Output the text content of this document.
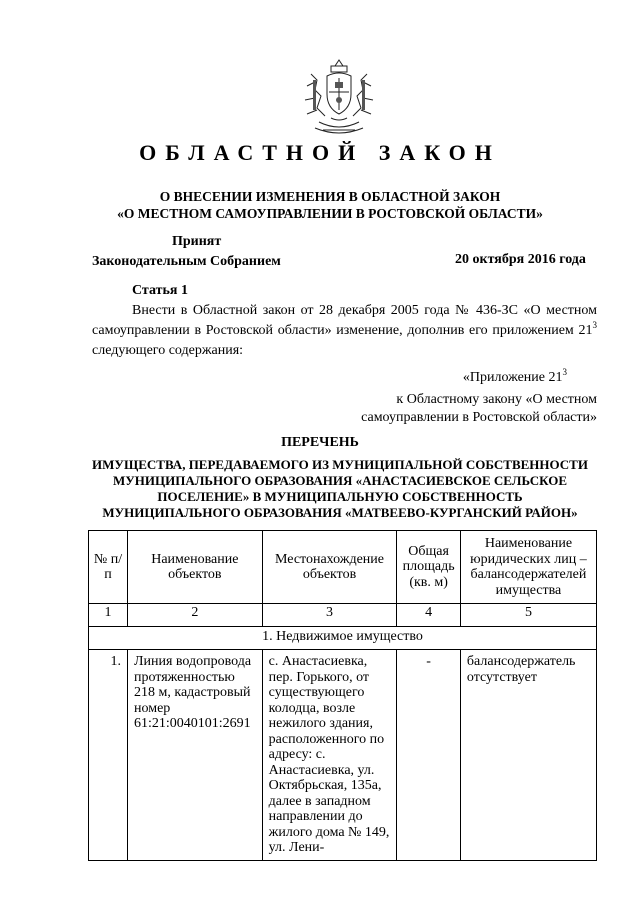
ОБЛАСТНОЙ ЗАКОН
О ВНЕСЕНИИ ИЗМЕНЕНИЯ В ОБЛАСТНОЙ ЗАКОН
«О МЕСТНОМ САМОУПРАВЛЕНИИ В РОСТОВСКОЙ ОБЛАСТИ»
Принят
Законодательным Собранием	20 октября 2016 года
Статья 1
Внести в Областной закон от 28 декабря 2005 года № 436-ЗС «О местном самоуправлении в Ростовской области» изменение, дополнив его приложением $21^3$ следующего содержания:
«Приложение $21^3$
к Областному закону «О местном
самоуправлении в Ростовской области»
ПЕРЕЧЕНЬ
ИМУЩЕСТВА, ПЕРЕДАВАЕМОГО ИЗ МУНИЦИПАЛЬНОЙ СОБСТВЕННОСТИ
МУНИЦИПАЛЬНОГО ОБРАЗОВАНИЯ «АНАСТАСИЕВСКОЕ СЕЛЬСКОЕ
ПОСЕЛЕНИЕ» В МУНИЦИПАЛЬНУЮ СОБСТВЕННОСТЬ
МУНИЦИПАЛЬНОГО ОБРАЗОВАНИЯ «МАТВЕЕВО-КУРГАНСКИЙ РАЙОН»
№ п/п	Наименование объектов	Местонахождение объектов	Общая площадь (кв. м)	Наименование юридических лиц – балансодержателей имущества
1	2	3	4	5
1. Недвижимое имущество				
1.	Линия водопровода протяженностью 218 м, кадастровый номер 61:21:0040101:2691	с. Анастасиевка, пер. Горького, от существующего колодца, возле нежилого здания, расположенного по адресу: с. Анастасиевка, ул. Октябрьская, 135а, далее в западном направлении до жилого дома № 149, ул. Лени-	-	балансодержатель отсутствует
